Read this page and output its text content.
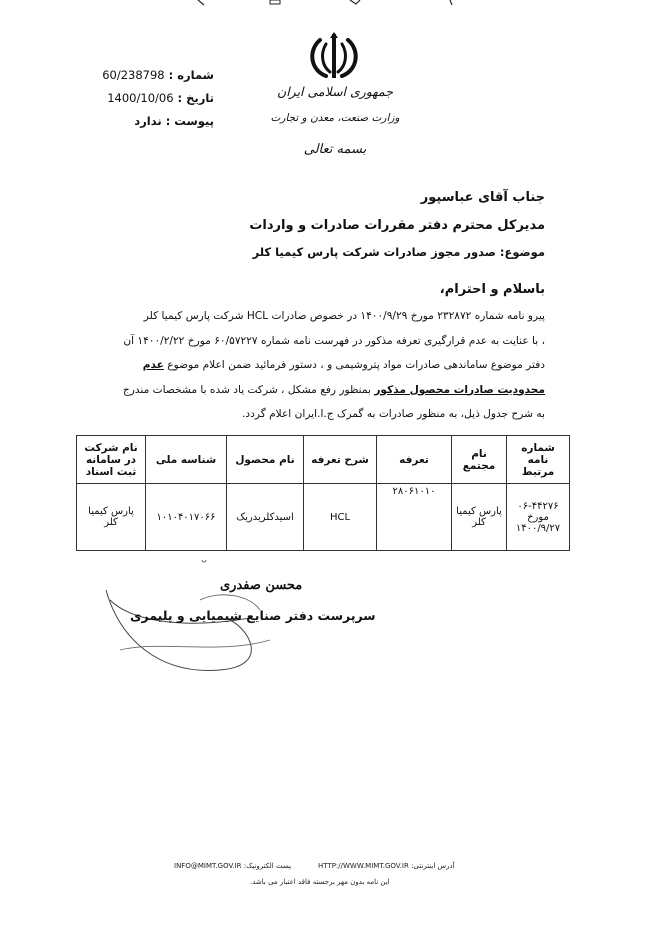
شماره :
60/238798
تاریخ :
1400/10/06
پیوست :
ندارد
جمهوری اسلامی ایران
وزارت صنعت، معدن و تجارت
بسمه تعالی
جناب آقای عباسپور
مدیرکل محترم دفتر مقررات صادرات و واردات
موضوع: صدور مجوز صادرات شرکت پارس کیمیا کلر
باسلام و احترام،
پیرو نامه شماره ۲۳۲۸۷۲ مورخ ۱۴۰۰/۹/۲۹ در خصوص صادرات HCL شرکت پارس کیمیا کلر
، با عنایت به عدم قرارگیری تعرفه مذکور در فهرست نامه شماره ۶۰/۵۷۲۲۷ مورخ ۱۴۰۰/۲/۲۲ آن
دفتر موضوع ساماندهی صادرات مواد پتروشیمی و ، دستور فرمائید ضمن اعلام موضوع عدم
محدودیت صادرات محصول مذکور بمنظور رفع مشکل ، شرکت یاد شده با مشخصات مندرج
به شرح جدول ذیل، به منظور صادرات به گمرک ج.ا.ایران اعلام گردد.
شماره نامه مرتبط	نام مجتمع	تعرفه	شرح تعرفه	نام محصول	شناسه ملی	نام شرکت در سامانه ثبت اسناد
۰۶-۴۴۲۷۶ مورخ ۱۴۰۰/۹/۲۷	پارس کیمیا کلر	۲۸۰۶۱۰۱۰	HCL	اسیدکلریدریک	۱۰۱۰۴۰۱۷۰۶۶	پارس کیمیا کلر
محسن صفدری
سرپرست دفتر صنایع شیمیایی و پلیمری
آدرس اینترنتی: HTTP://WWW.MIMT.GOV.IR
پست الکترونیک: INFO@MIMT.GOV.IR
این نامه بدون مهر برجسته فاقد اعتبار می باشد.
